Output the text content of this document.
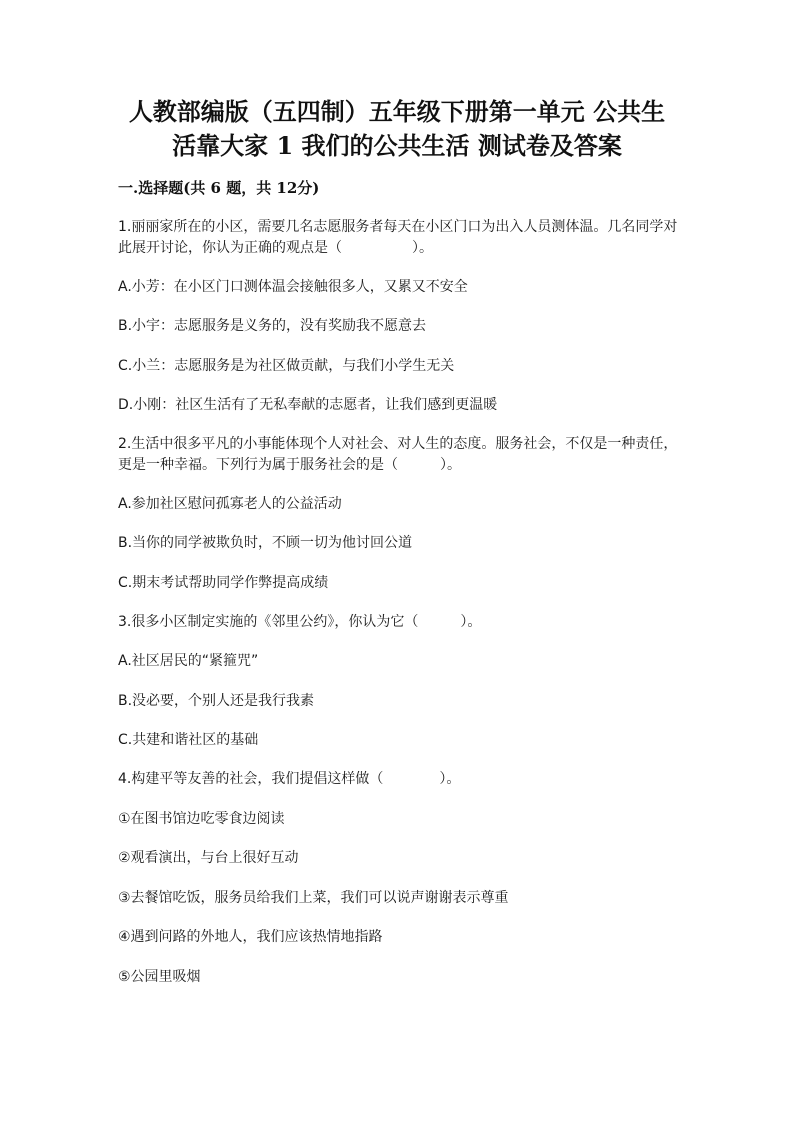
人教部编版（五四制）五年级下册第一单元 公共生
活靠大家 1 我们的公共生活 测试卷及答案
一.选择题(共 6 题，共 12分)
1.丽丽家所在的小区，需要几名志愿服务者每天在小区门口为出入人员测体温。几名同学对此展开讨论，你认为正确的观点是（　　　　　）。
A.小芳：在小区门口测体温会接触很多人，又累又不安全
B.小宇：志愿服务是义务的，没有奖励我不愿意去
C.小兰：志愿服务是为社区做贡献，与我们小学生无关
D.小刚：社区生活有了无私奉献的志愿者，让我们感到更温暖
2.生活中很多平凡的小事能体现个人对社会、对人生的态度。服务社会，不仅是一种责任，更是一种幸福。下列行为属于服务社会的是（　　　）。
A.参加社区慰问孤寡老人的公益活动
B.当你的同学被欺负时，不顾一切为他讨回公道
C.期末考试帮助同学作弊提高成绩
3.很多小区制定实施的《邻里公约》，你认为它（　　　）。
A.社区居民的“紧箍咒”
B.没必要，个别人还是我行我素
C.共建和谐社区的基础
4.构建平等友善的社会，我们提倡这样做（　　　　）。
①在图书馆边吃零食边阅读
②观看演出，与台上很好互动
③去餐馆吃饭，服务员给我们上菜，我们可以说声谢谢表示尊重
④遇到问路的外地人，我们应该热情地指路
⑤公园里吸烟
